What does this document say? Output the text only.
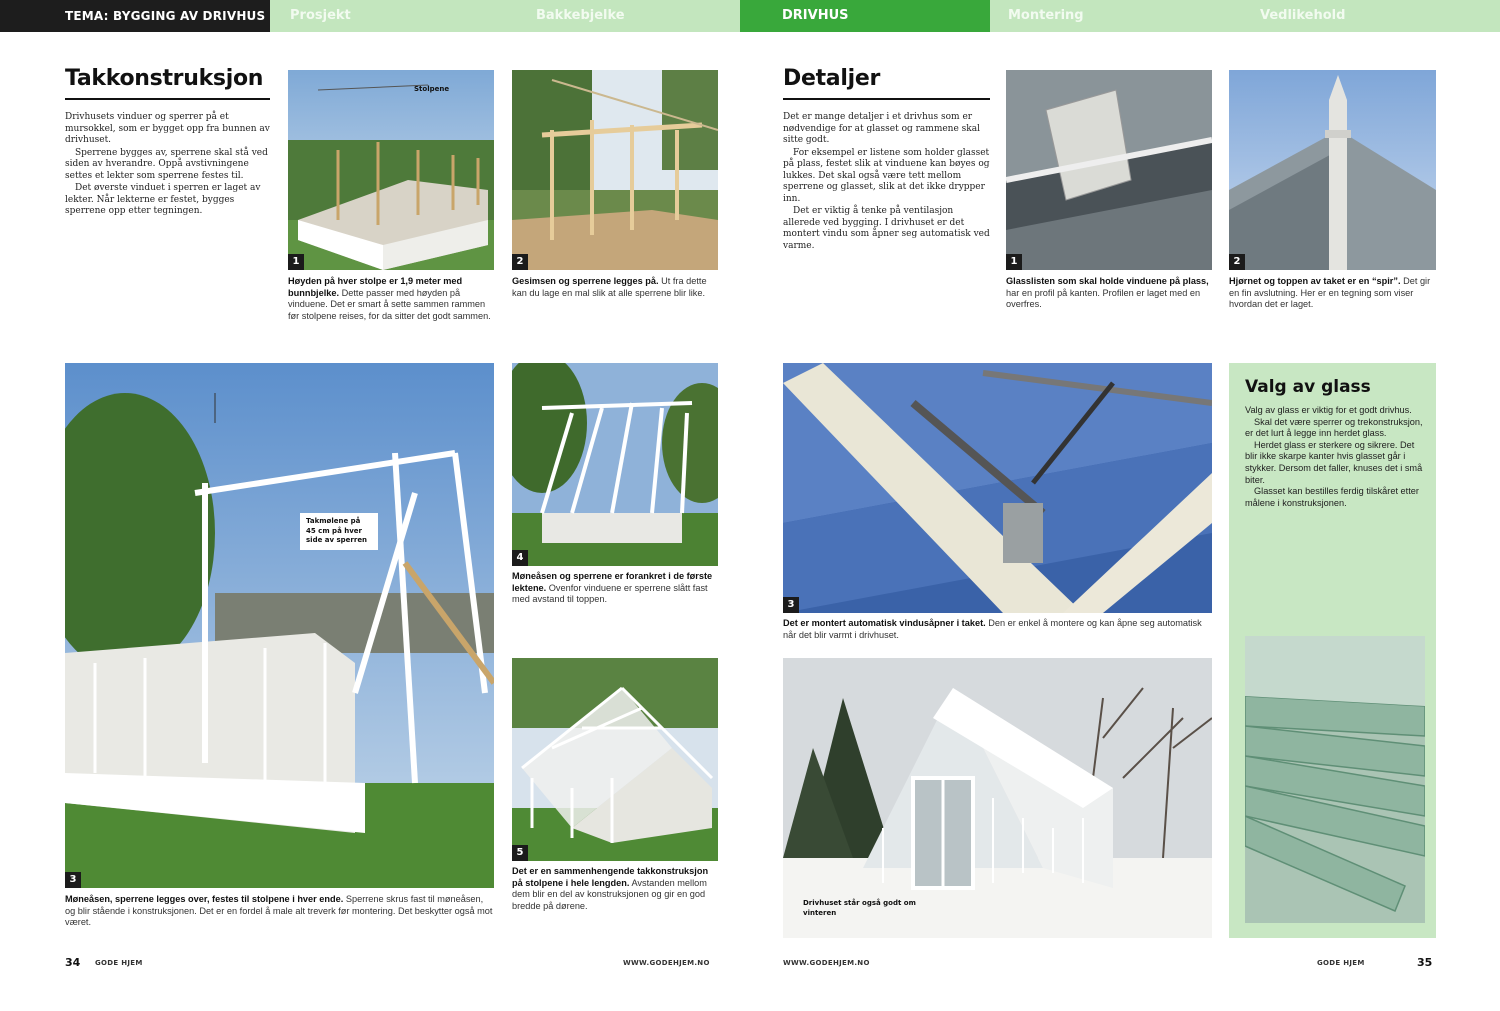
TEMA: BYGGING AV DRIVHUS	Prosjekt	Bakkebjelke	DRIVHUS	Montering	Vedlikehold
Takkonstruksjon

Drivhusets vinduer og sperrer på et mursokkel, som er bygget opp fra bunnen av drivhuset.

Sperrene bygges av, sperrene skal stå ved siden av hverandre. Oppå avstivningene settes et lekter som sperrene festes til.

Det øverste vinduet i sperren er laget av lekter. Når lekterne er festet, bygges sperrene opp etter tegningen.

Stolpene
1
Høyden på hver stolpe er 1,9 meter med bunnbjelke. Dette passer med høyden på vinduene. Det er smart å sette sammen rammen før stolpene reises, for da sitter det godt sammen.
2
Gesimsen og sperrene legges på. Ut fra dette kan du lage en mal slik at alle sperrene blir like.
Takmølene på 45 cm på hver side av sperren
3
Møneåsen, sperrene legges over, festes til stolpene i hver ende. Sperrene skrus fast til møneåsen, og blir stående i konstruksjonen. Det er en fordel å male alt treverk før montering. Det beskytter også mot været.
4
Møneåsen og sperrene er forankret i de første lektene. Ovenfor vinduene er sperrene slått fast med avstand til toppen.
5
Det er en sammenhengende takkonstruksjon på stolpene i hele lengden. Avstanden mellom dem blir en del av konstruksjonen og gir en god bredde på dørene.
34 GODE HJEM	WWW.GODEHJEM.NO
Detaljer

Det er mange detaljer i et drivhus som er nødvendige for at glasset og rammene skal sitte godt.

For eksempel er listene som holder glasset på plass, festet slik at vinduene kan bøyes og lukkes. Det skal også være tett mellom sperrene og glasset, slik at det ikke drypper inn.

Det er viktig å tenke på ventilasjon allerede ved bygging. I drivhuset er det montert vindu som åpner seg automatisk ved varme.

1
Glasslisten som skal holde vinduene på plass, har en profil på kanten. Profilen er laget med en overfres.
2
Hjørnet og toppen av taket er en “spir”. Det gir en fin avslutning. Her er en tegning som viser hvordan det er laget.
3
Det er montert automatisk vindusåpner i taket. Den er enkel å montere og kan åpne seg automatisk når det blir varmt i drivhuset.
Drivhuset står også godt om vinteren
Valg av glass

Valg av glass er viktig for et godt drivhus.

Skal det være sperrer og trekonstruksjon, er det lurt å legge inn herdet glass.

Herdet glass er sterkere og sikrere. Det blir ikke skarpe kanter hvis glasset går i stykker. Dersom det faller, knuses det i små biter.

Glasset kan bestilles ferdig tilskåret etter målene i konstruksjonen.

WWW.GODEHJEM.NO	GODE HJEM	35
